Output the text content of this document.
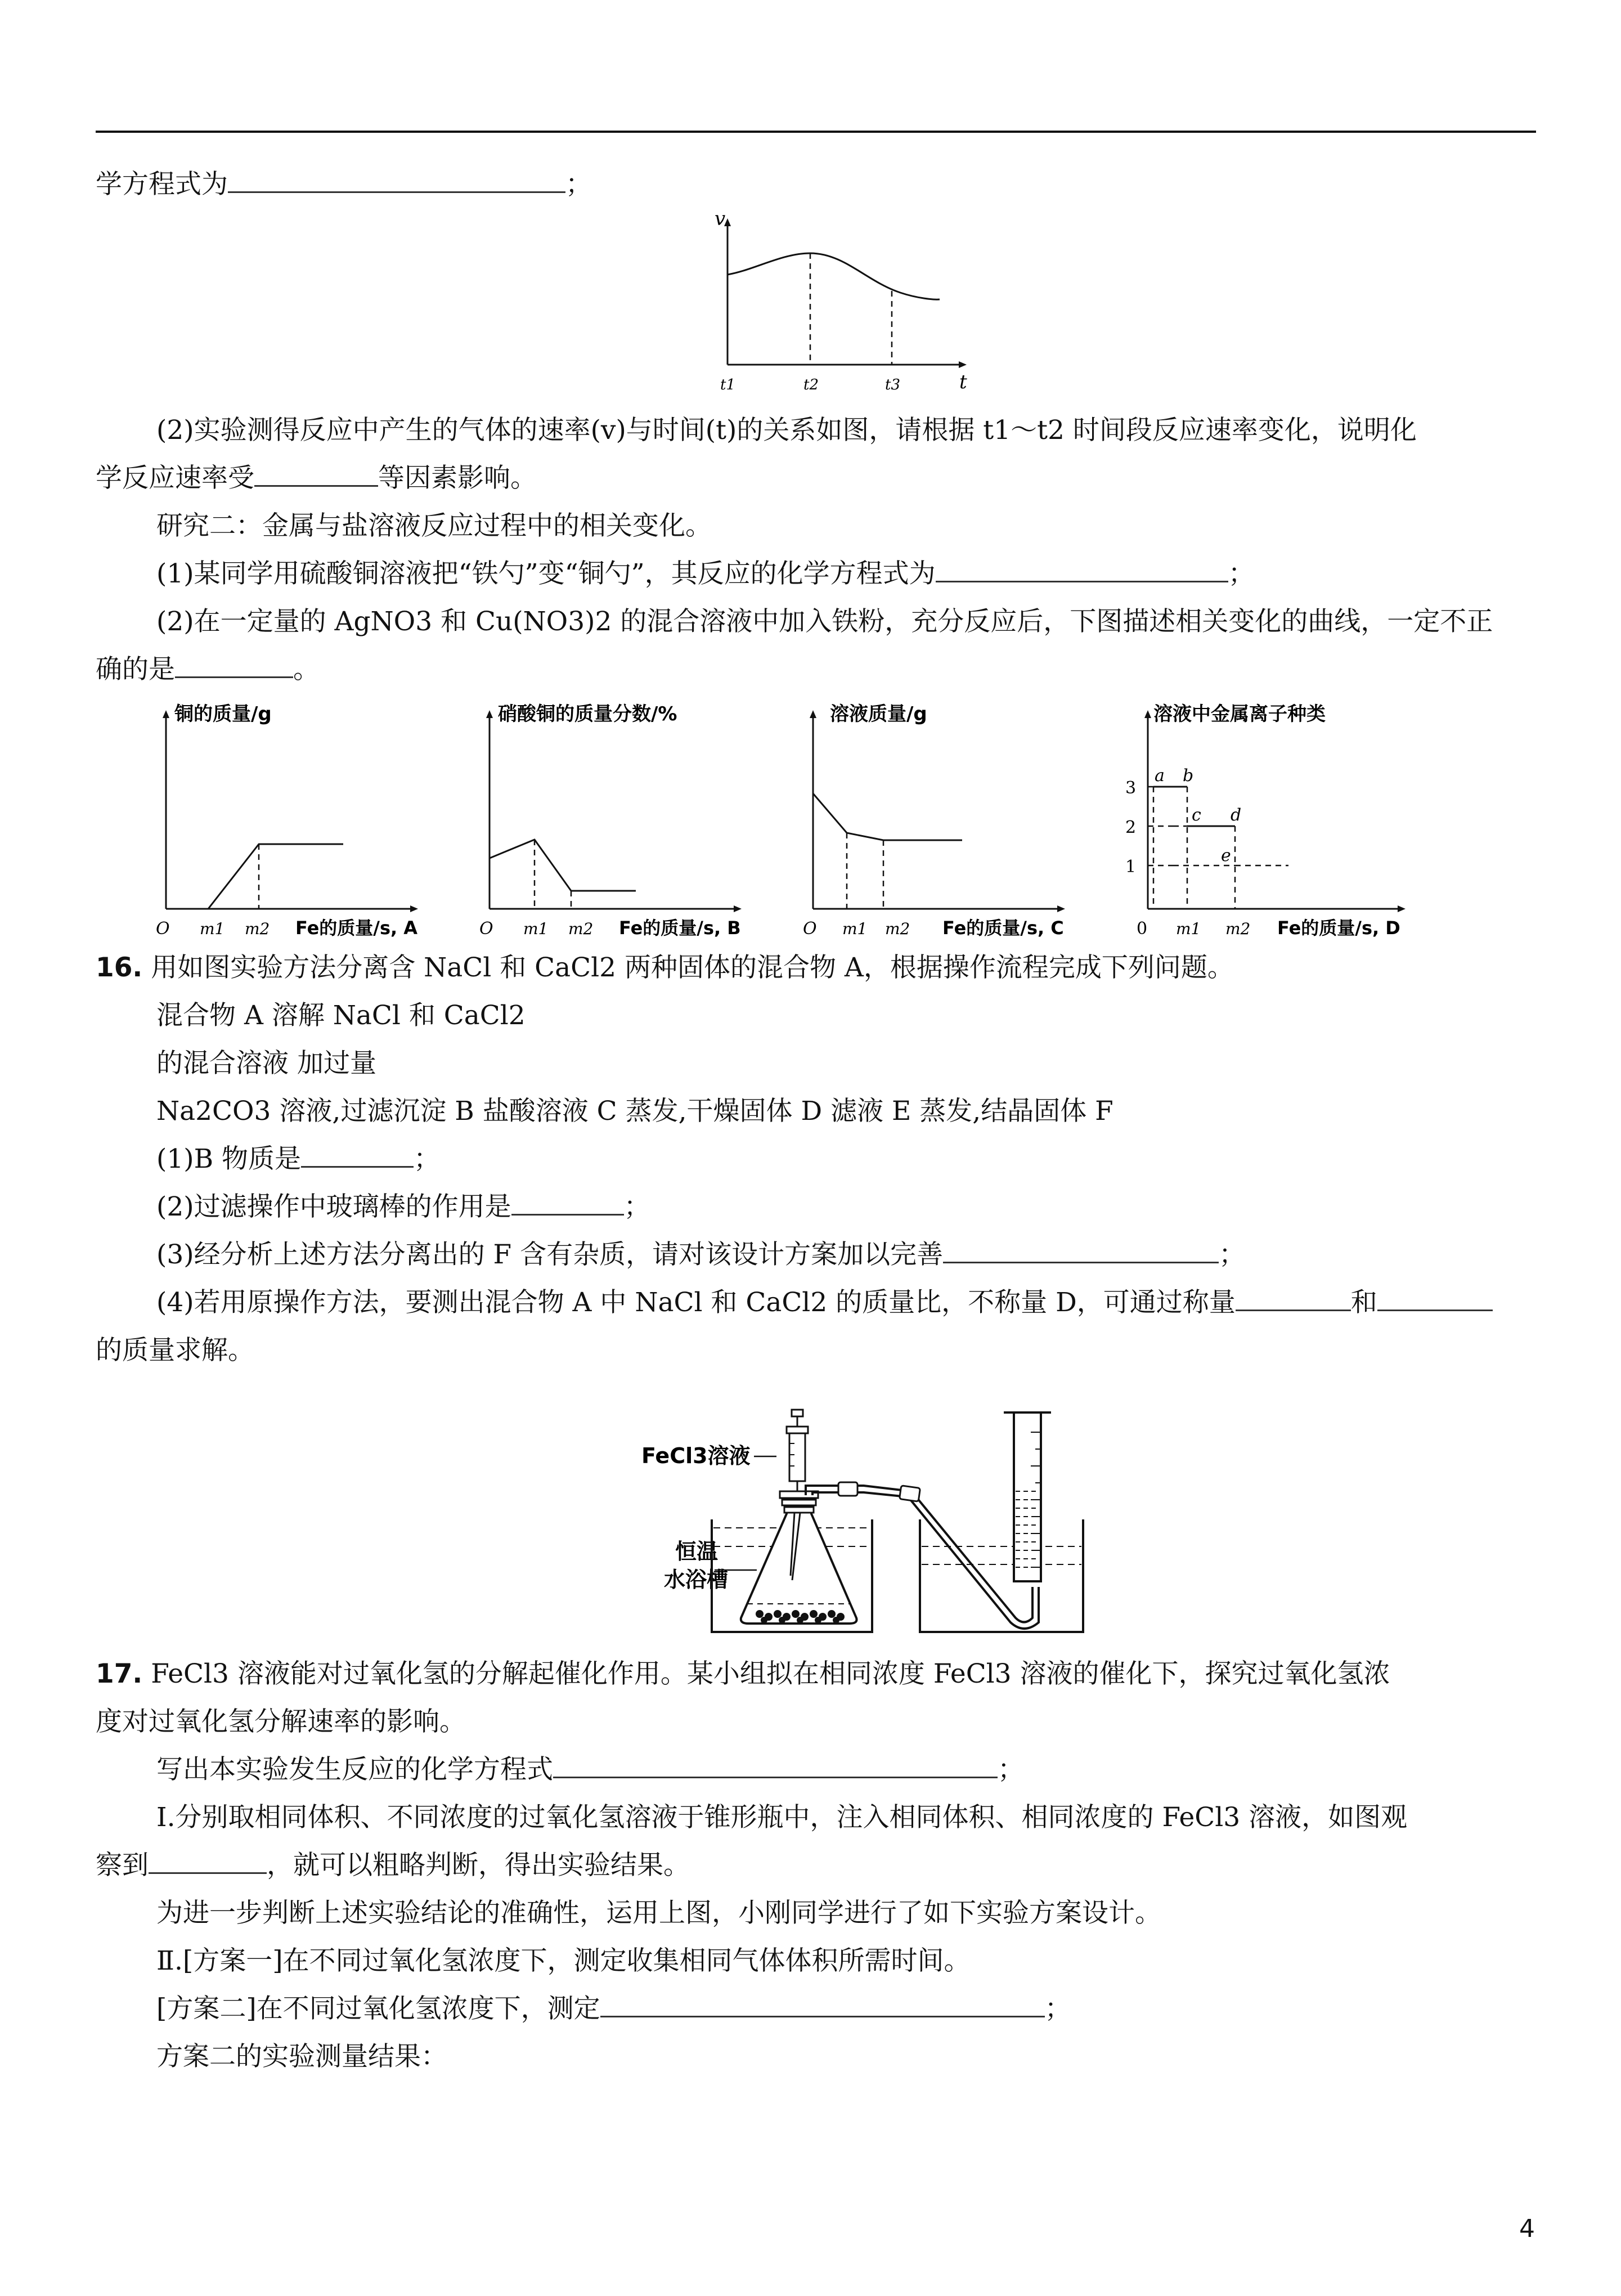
学方程式为	；
v
t
t1	t2	t3
(2)实验测得反应中产生的气体的速率(v)与时间(t)的关系如图，请根据 t1～t2 时间段反应速率变化，说明化
学反应速率受	等因素影响。
研究二：金属与盐溶液反应过程中的相关变化。
(1)某同学用硫酸铜溶液把“铁勺”变“铜勺”，其反应的化学方程式为	；
(2)在一定量的 AgNO3 和 Cu(NO3)2 的混合溶液中加入铁粉，充分反应后，下图描述相关变化的曲线，一定不正
确的是	。
铜的质量/g
O m1 m2 Fe的质量/s, A
硝酸铜的质量分数/%
O m1 m2 Fe的质量/s, B
溶液质量/g
O m1 m2 Fe的质量/s, C
溶液中金属离子种类
3
2
1
a b
c d
e
0 m1 m2 Fe的质量/s, D
16. 用如图实验方法分离含 NaCl 和 CaCl2 两种固体的混合物 A，根据操作流程完成下列问题。
混合物 A 溶解 NaCl 和 CaCl2
的混合溶液 加过量
Na2CO3 溶液,过滤沉淀 B 盐酸溶液 C 蒸发,干燥固体 D 滤液 E 蒸发,结晶固体 F
(1)B 物质是	；
(2)过滤操作中玻璃棒的作用是	；
(3)经分析上述方法分离出的 F 含有杂质，请对该设计方案加以完善	；
(4)若用原操作方法，要测出混合物 A 中 NaCl 和 CaCl2 的质量比，不称量 D，可通过称量	和
的质量求解。
FeCl3溶液
恒温
水浴槽
17. FeCl3 溶液能对过氧化氢的分解起催化作用。某小组拟在相同浓度 FeCl3 溶液的催化下，探究过氧化氢浓
度对过氧化氢分解速率的影响。
写出本实验发生反应的化学方程式	；
Ⅰ.分别取相同体积、不同浓度的过氧化氢溶液于锥形瓶中，注入相同体积、相同浓度的 FeCl3 溶液，如图观
察到	，就可以粗略判断，得出实验结果。
为进一步判断上述实验结论的准确性，运用上图，小刚同学进行了如下实验方案设计。
Ⅱ.[方案一]在不同过氧化氢浓度下，测定收集相同气体体积所需时间。
[方案二]在不同过氧化氢浓度下，测定	；
方案二的实验测量结果：
4
